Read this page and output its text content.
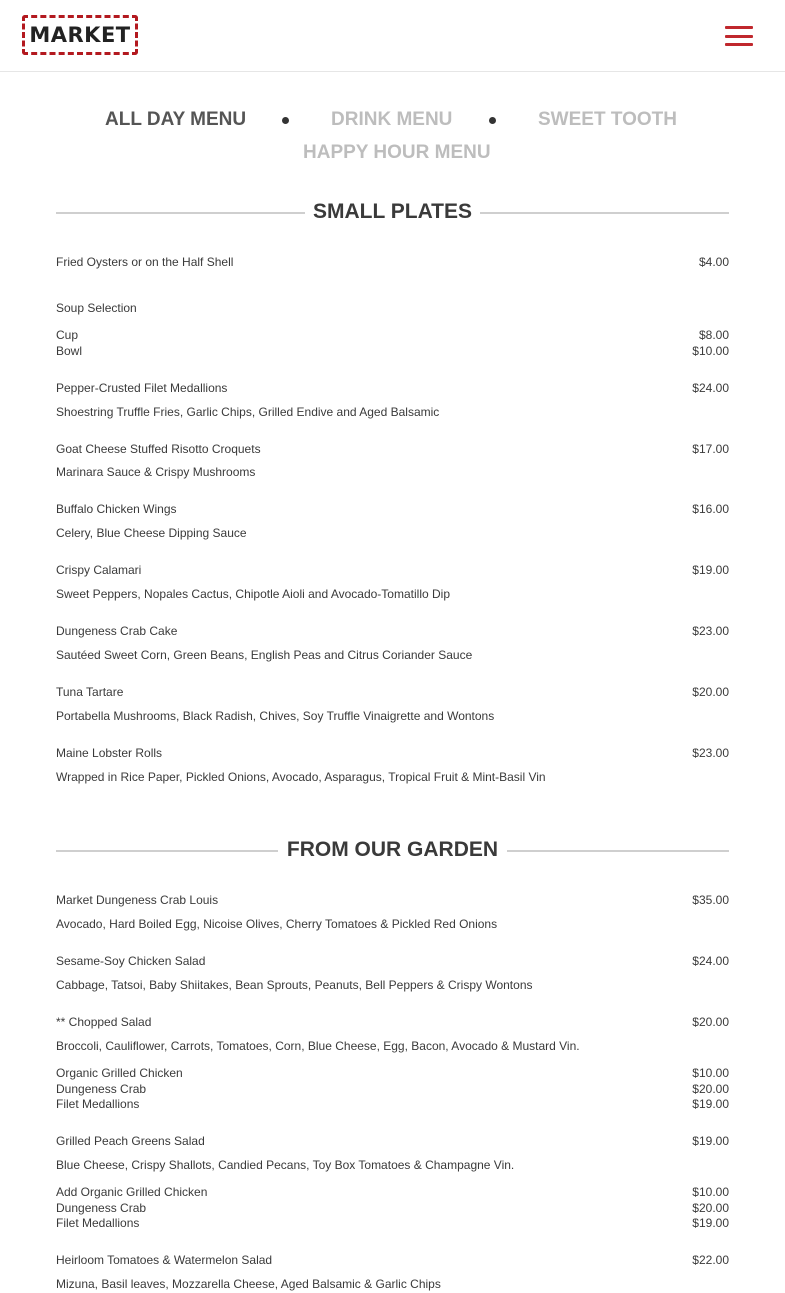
MARKET
ALL DAY MENU	DRINK MENU	SWEET TOOTH
HAPPY HOUR MENU
SMALL PLATES
Fried Oysters or on the Half Shell	$4.00
Soup Selection
Cup	$8.00
Bowl	$10.00
Pepper-Crusted Filet Medallions	$24.00
Shoestring Truffle Fries, Garlic Chips, Grilled Endive and Aged Balsamic
Goat Cheese Stuffed Risotto Croquets	$17.00
Marinara Sauce & Crispy Mushrooms
Buffalo Chicken Wings	$16.00
Celery, Blue Cheese Dipping Sauce
Crispy Calamari	$19.00
Sweet Peppers, Nopales Cactus, Chipotle Aioli and Avocado-Tomatillo Dip
Dungeness Crab Cake	$23.00
Sautéed Sweet Corn, Green Beans, English Peas and Citrus Coriander Sauce
Tuna Tartare	$20.00
Portabella Mushrooms, Black Radish, Chives, Soy Truffle Vinaigrette and Wontons
Maine Lobster Rolls	$23.00
Wrapped in Rice Paper, Pickled Onions, Avocado, Asparagus, Tropical Fruit & Mint-Basil Vin
FROM OUR GARDEN
Market Dungeness Crab Louis	$35.00
Avocado, Hard Boiled Egg, Nicoise Olives, Cherry Tomatoes & Pickled Red Onions
Sesame-Soy Chicken Salad	$24.00
Cabbage, Tatsoi, Baby Shiitakes, Bean Sprouts, Peanuts, Bell Peppers & Crispy Wontons
** Chopped Salad	$20.00
Broccoli, Cauliflower, Carrots, Tomatoes, Corn, Blue Cheese, Egg, Bacon, Avocado & Mustard Vin.
Organic Grilled Chicken	$10.00
Dungeness Crab	$20.00
Filet Medallions	$19.00
Grilled Peach Greens Salad	$19.00
Blue Cheese, Crispy Shallots, Candied Pecans, Toy Box Tomatoes & Champagne Vin.
Add Organic Grilled Chicken	$10.00
Dungeness Crab	$20.00
Filet Medallions	$19.00
Heirloom Tomatoes & Watermelon Salad	$22.00
Mizuna, Basil leaves, Mozzarella Cheese, Aged Balsamic & Garlic Chips
